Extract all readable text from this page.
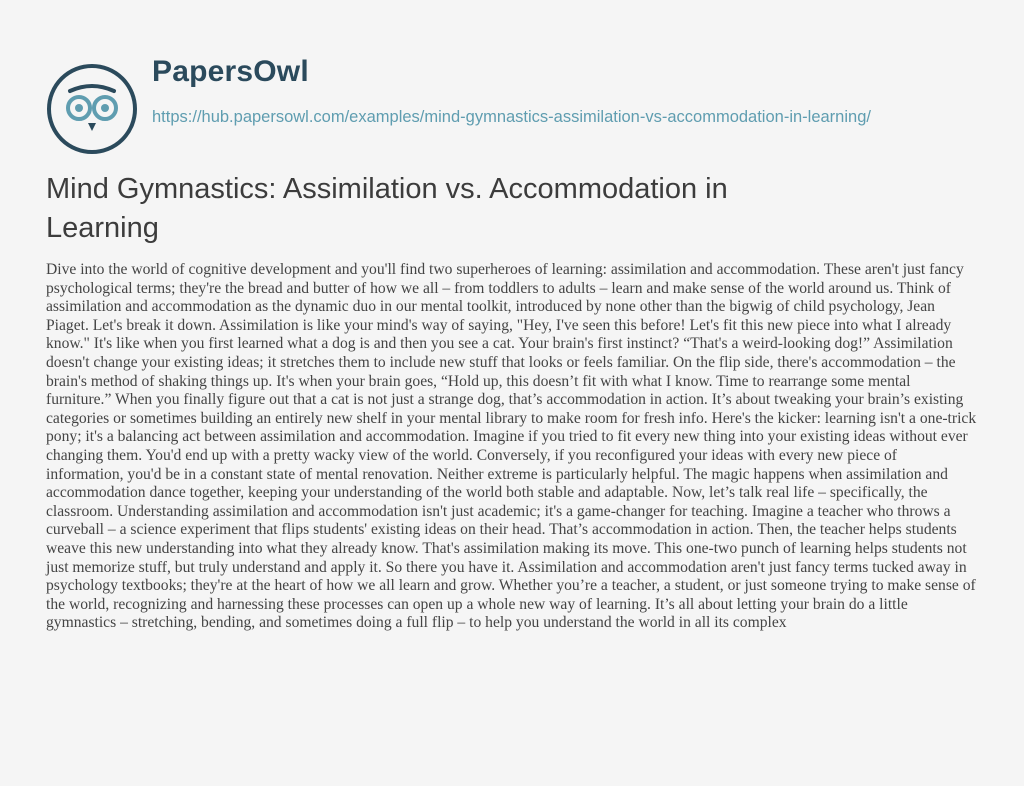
PapersOwl
https://hub.papersowl.com/examples/mind-gymnastics-assimilation-vs-accommodation-in-learning/
Mind Gymnastics: Assimilation vs. Accommodation in Learning

Dive into the world of cognitive development and you'll find two superheroes of learning: assimilation and accommodation. These aren't just fancy psychological terms; they're the bread and butter of how we all – from toddlers to adults – learn and make sense of the world around us. Think of assimilation and accommodation as the dynamic duo in our mental toolkit, introduced by none other than the bigwig of child psychology, Jean Piaget. Let's break it down. Assimilation is like your mind's way of saying, "Hey, I've seen this before! Let's fit this new piece into what I already know." It's like when you first learned what a dog is and then you see a cat. Your brain's first instinct? “That's a weird-looking dog!” Assimilation doesn't change your existing ideas; it stretches them to include new stuff that looks or feels familiar. On the flip side, there's accommodation – the brain's method of shaking things up. It's when your brain goes, “Hold up, this doesn’t fit with what I know. Time to rearrange some mental furniture.” When you finally figure out that a cat is not just a strange dog, that’s accommodation in action. It’s about tweaking your brain’s existing categories or sometimes building an entirely new shelf in your mental library to make room for fresh info. Here's the kicker: learning isn't a one-trick pony; it's a balancing act between assimilation and accommodation. Imagine if you tried to fit every new thing into your existing ideas without ever changing them. You'd end up with a pretty wacky view of the world. Conversely, if you reconfigured your ideas with every new piece of information, you'd be in a constant state of mental renovation. Neither extreme is particularly helpful. The magic happens when assimilation and accommodation dance together, keeping your understanding of the world both stable and adaptable. Now, let’s talk real life – specifically, the classroom. Understanding assimilation and accommodation isn't just academic; it's a game-changer for teaching. Imagine a teacher who throws a curveball – a science experiment that flips students' existing ideas on their head. That’s accommodation in action. Then, the teacher helps students weave this new understanding into what they already know. That's assimilation making its move. This one-two punch of learning helps students not just memorize stuff, but truly understand and apply it. So there you have it. Assimilation and accommodation aren't just fancy terms tucked away in psychology textbooks; they're at the heart of how we all learn and grow. Whether you’re a teacher, a student, or just someone trying to make sense of the world, recognizing and harnessing these processes can open up a whole new way of learning. It’s all about letting your brain do a little gymnastics – stretching, bending, and sometimes doing a full flip – to help you understand the world in all its complex
